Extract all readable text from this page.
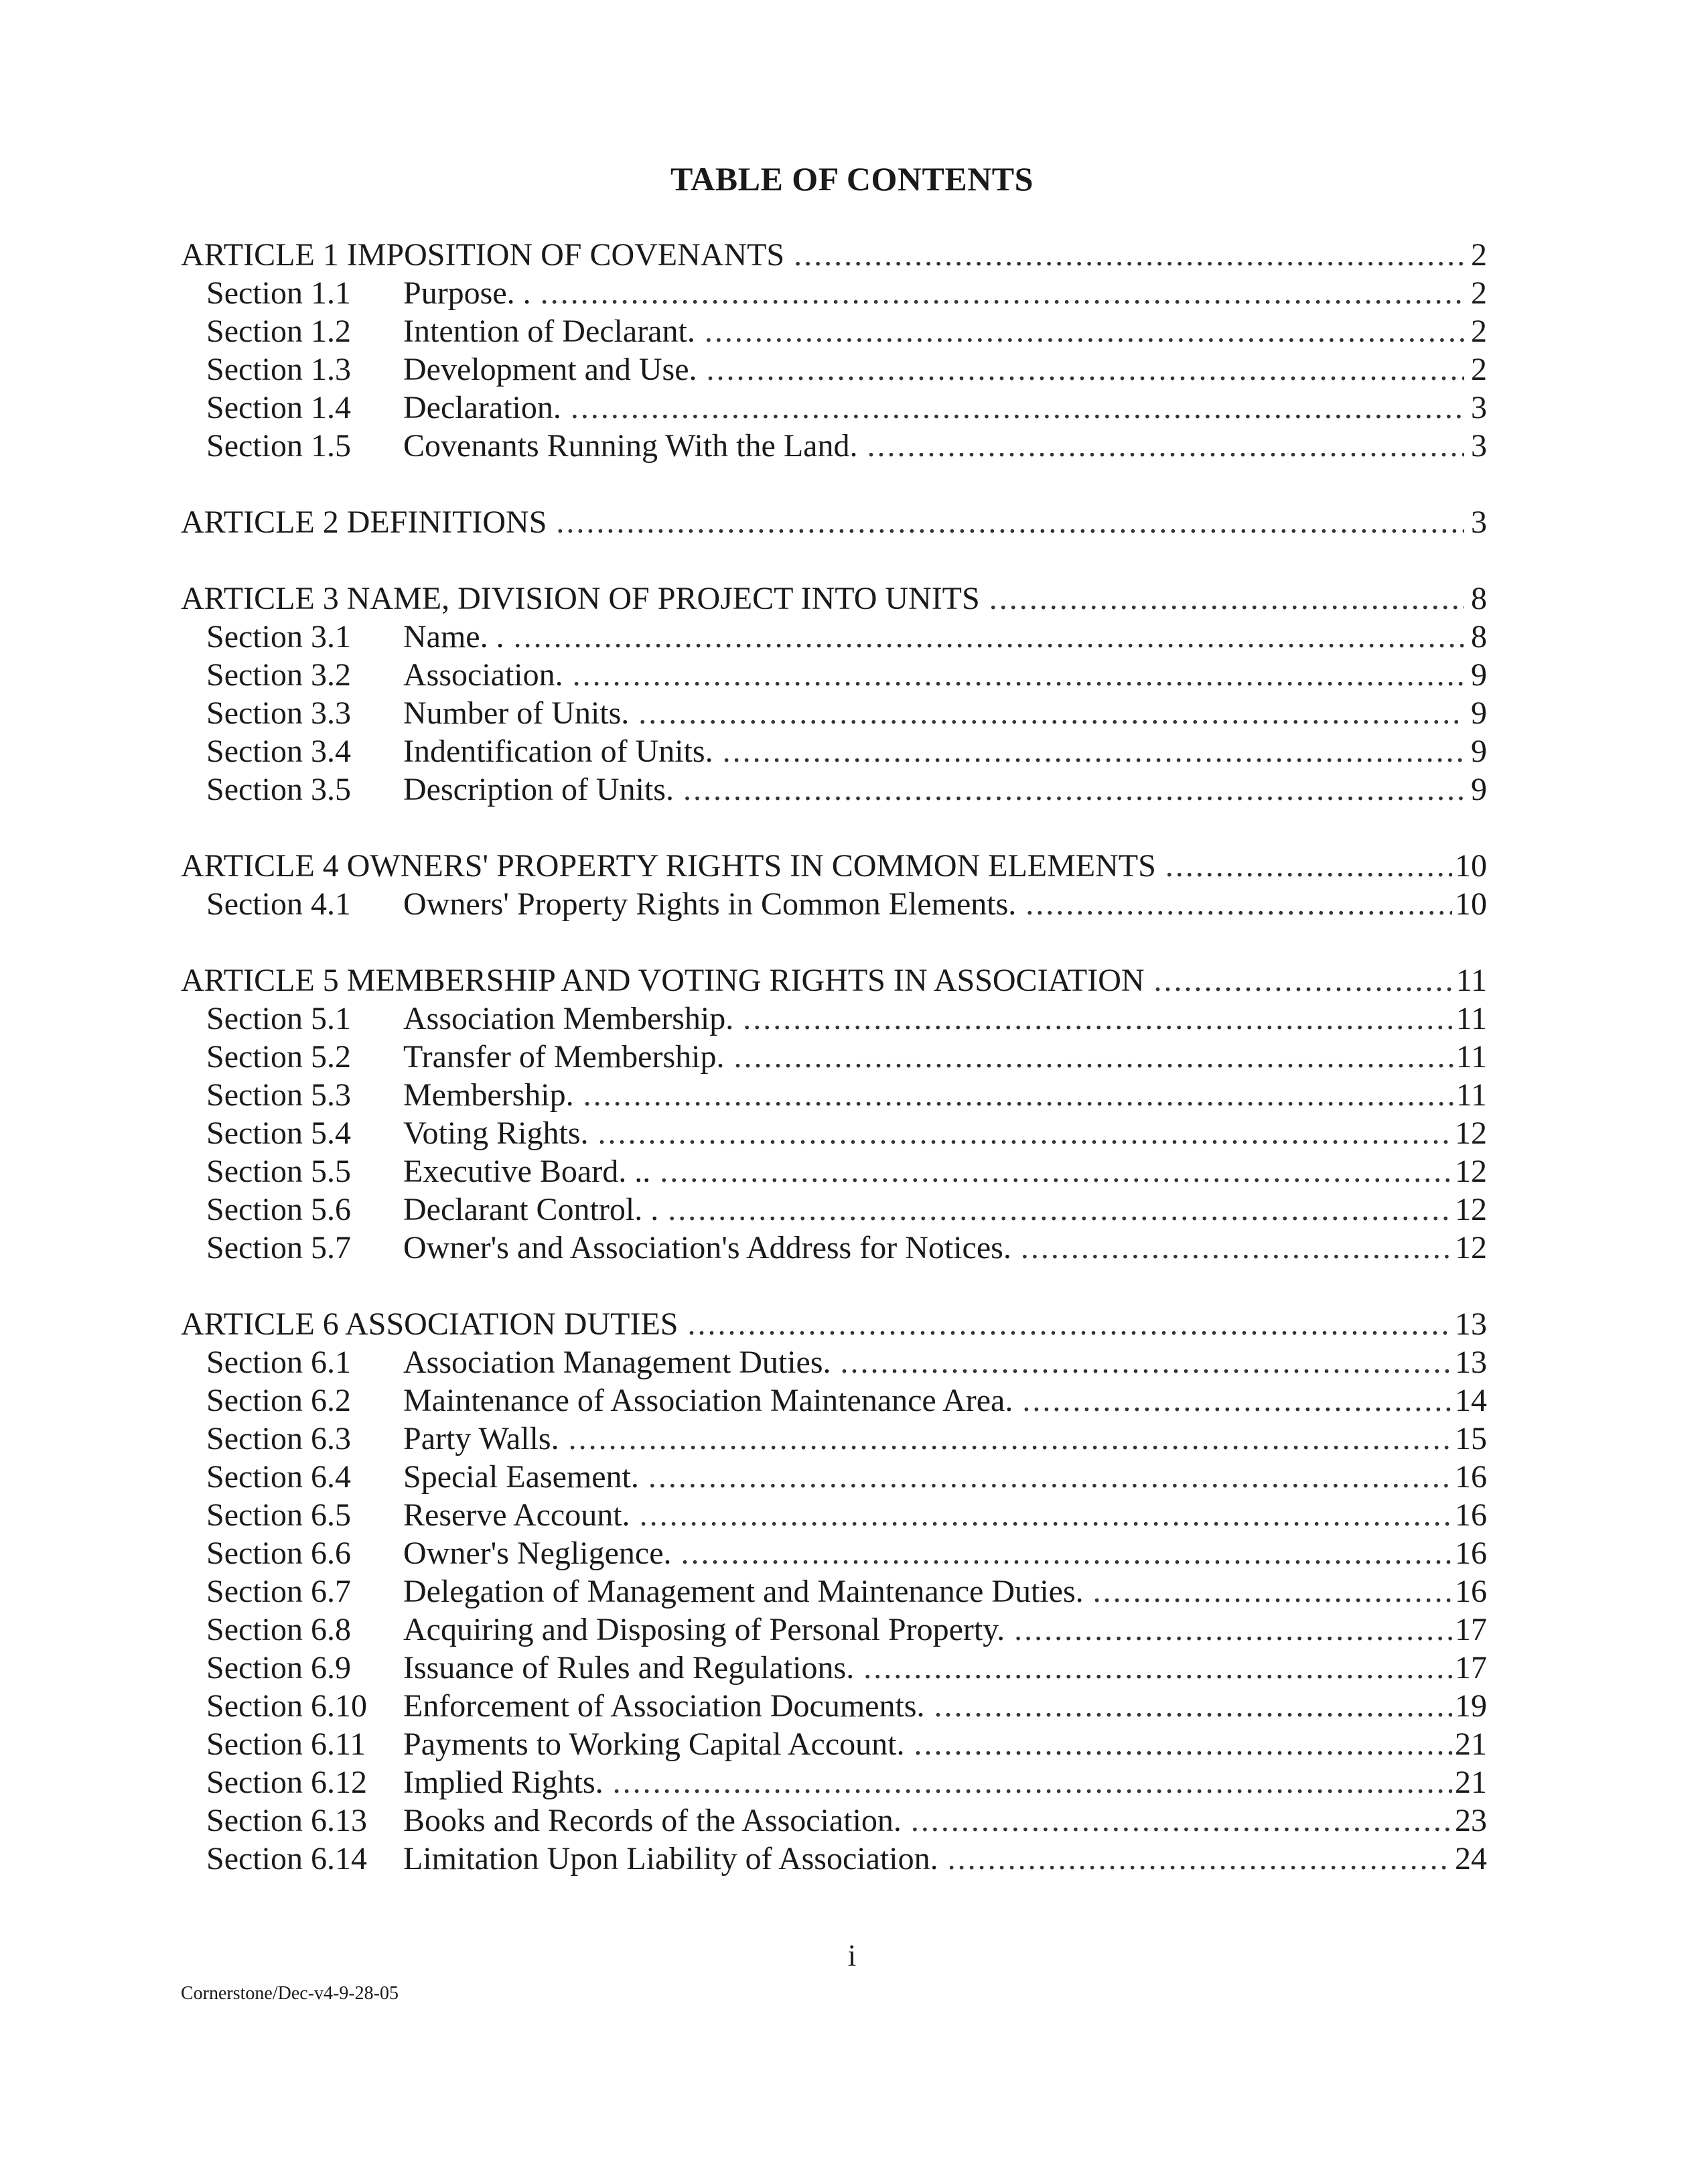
TABLE OF CONTENTS
ARTICLE 1 IMPOSITION OF COVENANTS .....	2
Section 1.1	Purpose. . .....	2
Section 1.2	Intention of Declarant. .....	2
Section 1.3	Development and Use. .....	2
Section 1.4	Declaration. .....	3
Section 1.5	Covenants Running With the Land. .....	3
ARTICLE 2 DEFINITIONS .....	3
ARTICLE 3 NAME, DIVISION OF PROJECT INTO UNITS .....	8
Section 3.1	Name. . .....	8
Section 3.2	Association. .....	9
Section 3.3	Number of Units. .....	9
Section 3.4	Indentification of Units. .....	9
Section 3.5	Description of Units. .....	9
ARTICLE 4 OWNERS' PROPERTY RIGHTS IN COMMON ELEMENTS .....	10
Section 4.1	Owners' Property Rights in Common Elements. .....	10
ARTICLE 5 MEMBERSHIP AND VOTING RIGHTS IN ASSOCIATION .....	11
Section 5.1	Association Membership. .....	11
Section 5.2	Transfer of Membership. .....	11
Section 5.3	Membership. .....	11
Section 5.4	Voting Rights. .....	12
Section 5.5	Executive Board. .. .....	12
Section 5.6	Declarant Control. . .....	12
Section 5.7	Owner's and Association's Address for Notices. .....	12
ARTICLE 6 ASSOCIATION DUTIES .....	13
Section 6.1	Association Management Duties. .....	13
Section 6.2	Maintenance of Association Maintenance Area. .....	14
Section 6.3	Party Walls. .....	15
Section 6.4	Special Easement. .....	16
Section 6.5	Reserve Account. .....	16
Section 6.6	Owner's Negligence. .....	16
Section 6.7	Delegation of Management and Maintenance Duties. .....	16
Section 6.8	Acquiring and Disposing of Personal Property. .....	17
Section 6.9	Issuance of Rules and Regulations. .....	17
Section 6.10	Enforcement of Association Documents. .....	19
Section 6.11	Payments to Working Capital Account. .....	21
Section 6.12	Implied Rights. .....	21
Section 6.13	Books and Records of the Association. .....	23
Section 6.14	Limitation Upon Liability of Association. .....	24
i
Cornerstone/Dec-v4-9-28-05
